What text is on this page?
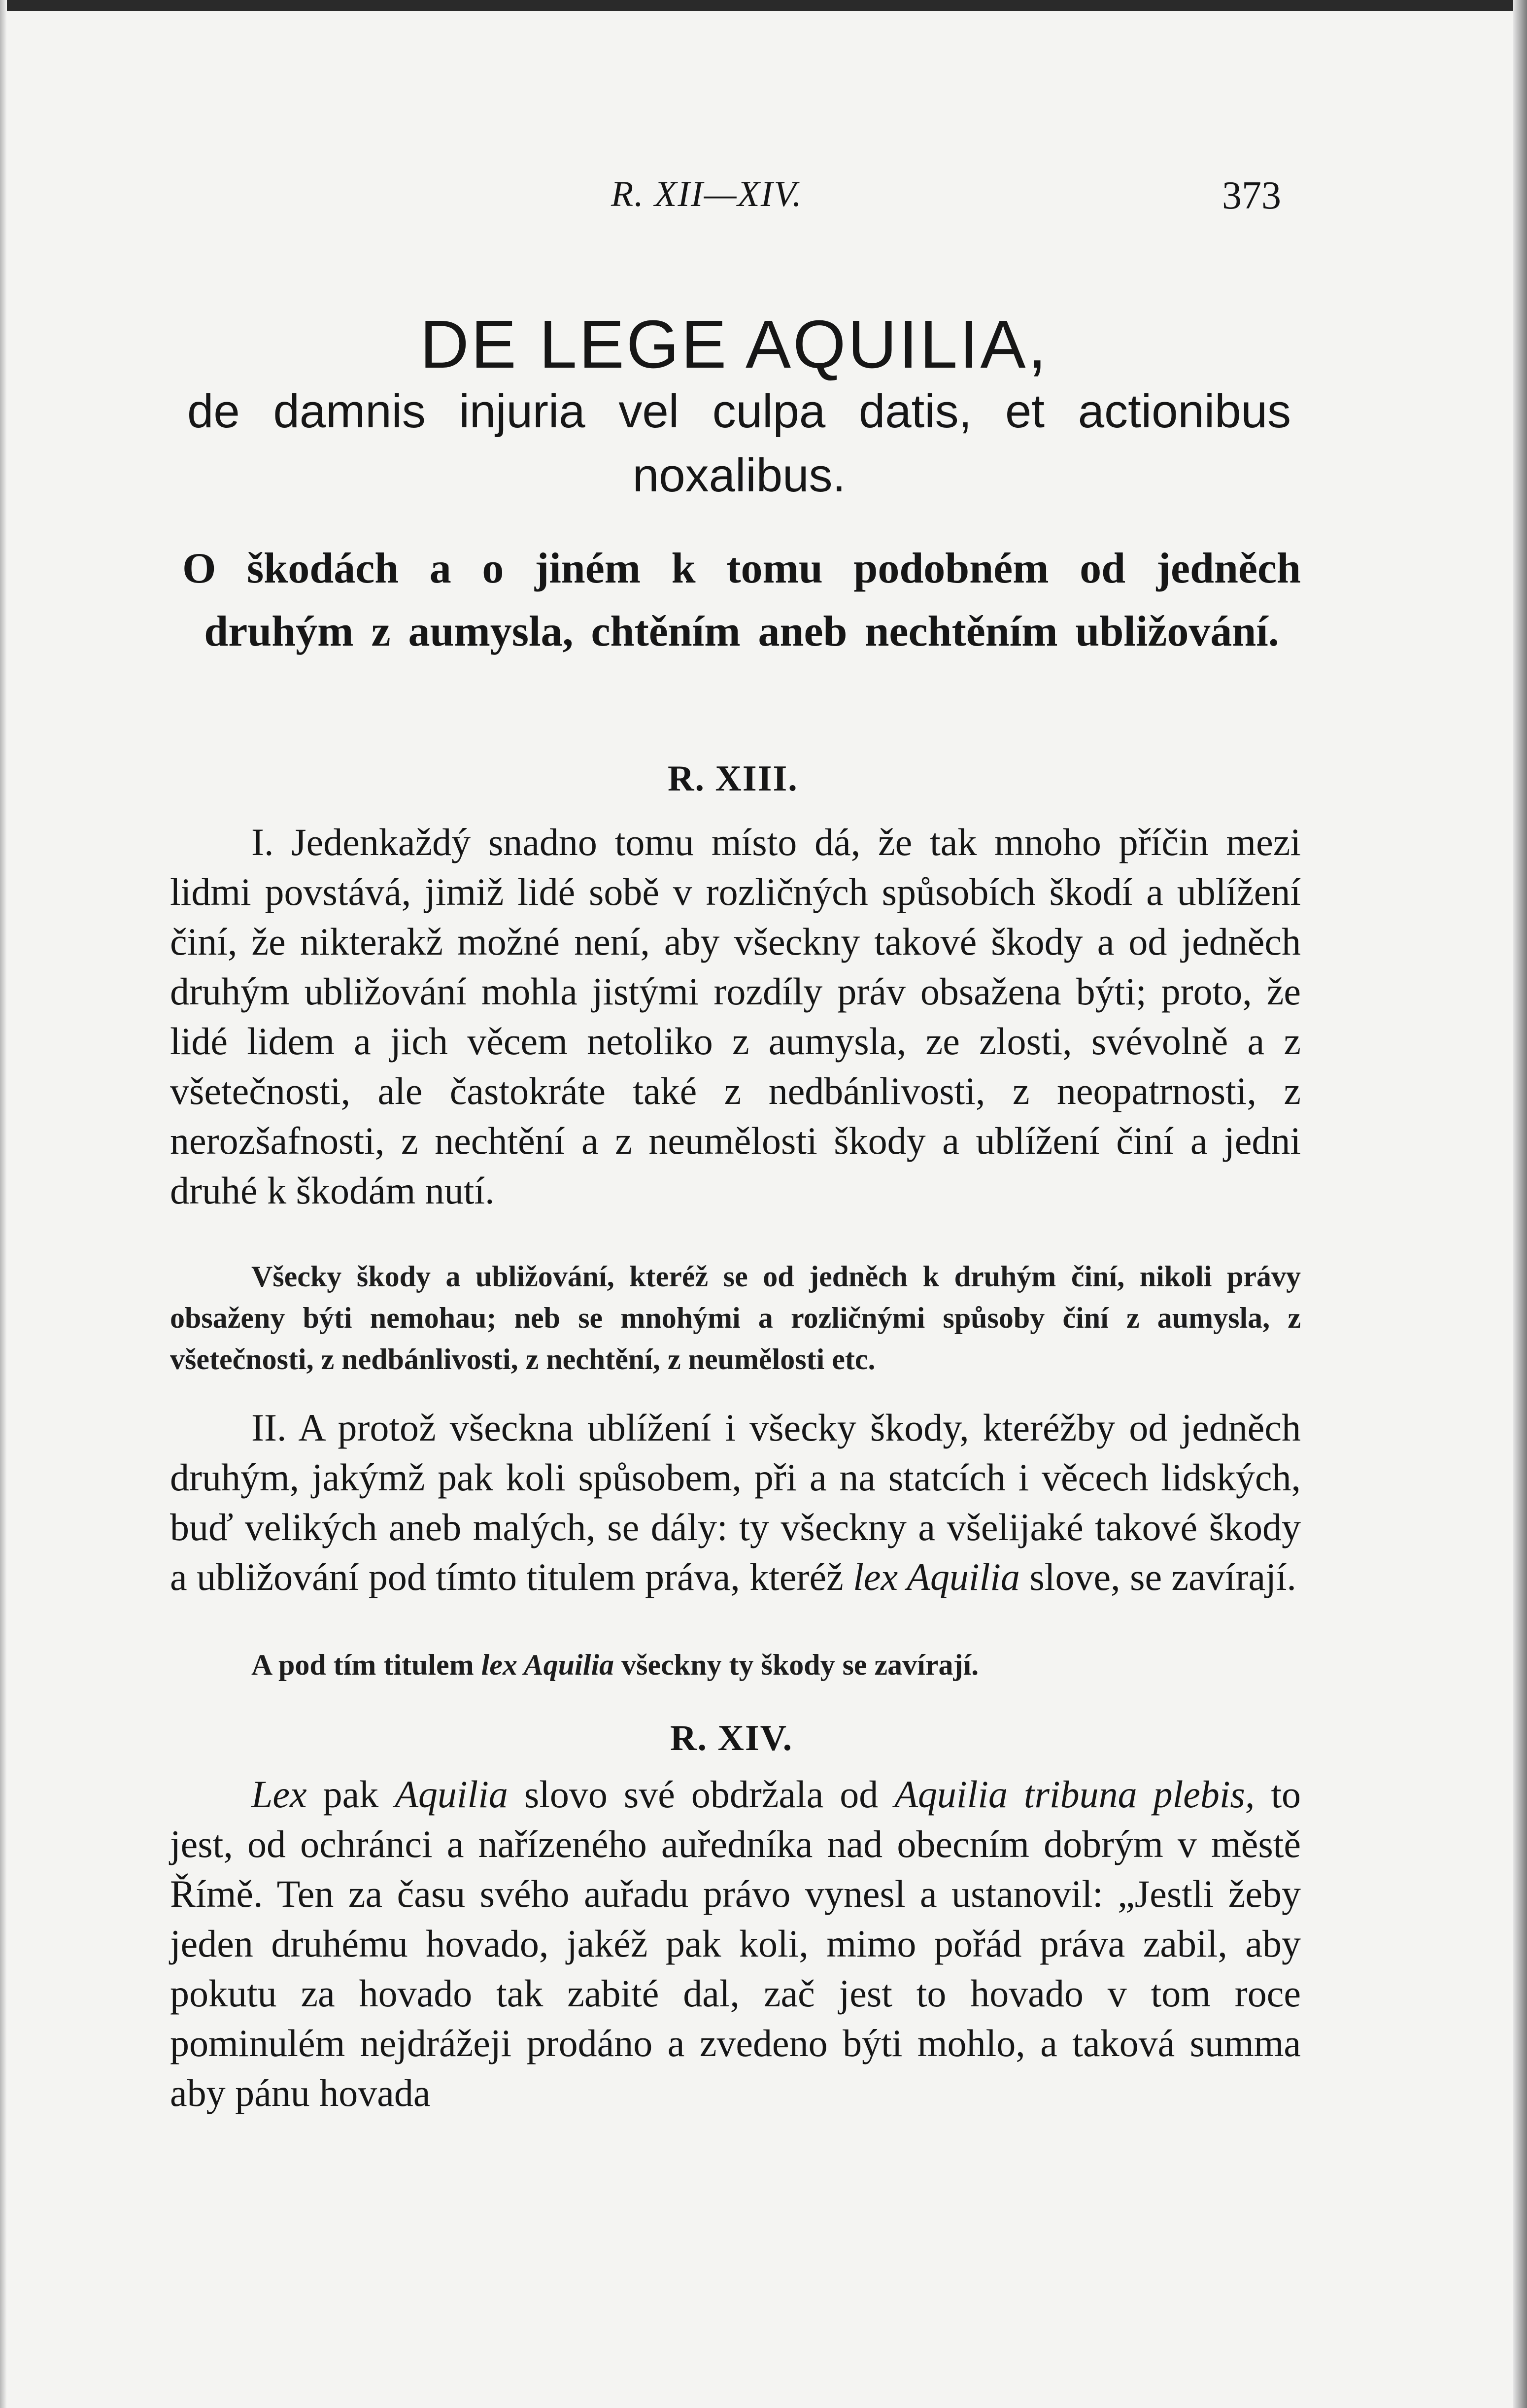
R. XII—XIV.	373
DE LEGE AQUILIA,
de damnis injuria vel culpa datis, et actionibus noxalibus.
O škodách a o jiném k tomu podobném od jedněch druhým z aumysla, chtěním aneb nechtěním ubližování.
R. XIII.

I. Jedenkaždý snadno tomu místo dá, že tak mnoho příčin mezi lidmi povstává, jimiž lidé sobě v rozličných spůsobích škodí a ublížení činí, že nikterakž možné není, aby všeckny takové škody a od jedněch druhým ubližování mohla jistými rozdíly práv obsažena býti; proto, že lidé lidem a jich věcem netoliko z aumysla, ze zlosti, svévolně a z všetečnosti, ale častokráte také z nedbánlivosti, z neopatrnosti, z nerozšafnosti, z nechtění a z neumělosti škody a ublížení činí a jedni druhé k škodám nutí.

Všecky škody a ubližování, kteréž se od jedněch k druhým činí, nikoli právy obsaženy býti nemohau; neb se mnohými a rozličnými spůsoby činí z aumysla, z všetečnosti, z nedbánlivosti, z nechtění, z neumělosti etc.

II. A protož všeckna ublížení i všecky škody, kteréžby od jedněch druhým, jakýmž pak koli spůsobem, při a na statcích i věcech lidských, buď velikých aneb malých, se dály: ty všeckny a všelijaké takové škody a ubližování pod tímto titulem práva, kteréž lex Aquilia slove, se zavírají.

A pod tím titulem lex Aquilia všeckny ty škody se zavírají.

R. XIV.

Lex pak Aquilia slovo své obdržala od Aquilia tribuna plebis, to jest, od ochránci a nařízeného auředníka nad obecním dobrým v městě Římě. Ten za času svého auřadu právo vynesl a ustanovil: „Jestli žeby jeden druhému hovado, jakéž pak koli, mimo pořád práva zabil, aby pokutu za hovado tak zabité dal, zač jest to hovado v tom roce pominulém nejdrážeji prodáno a zvedeno býti mohlo, a taková summa aby pánu hovada
